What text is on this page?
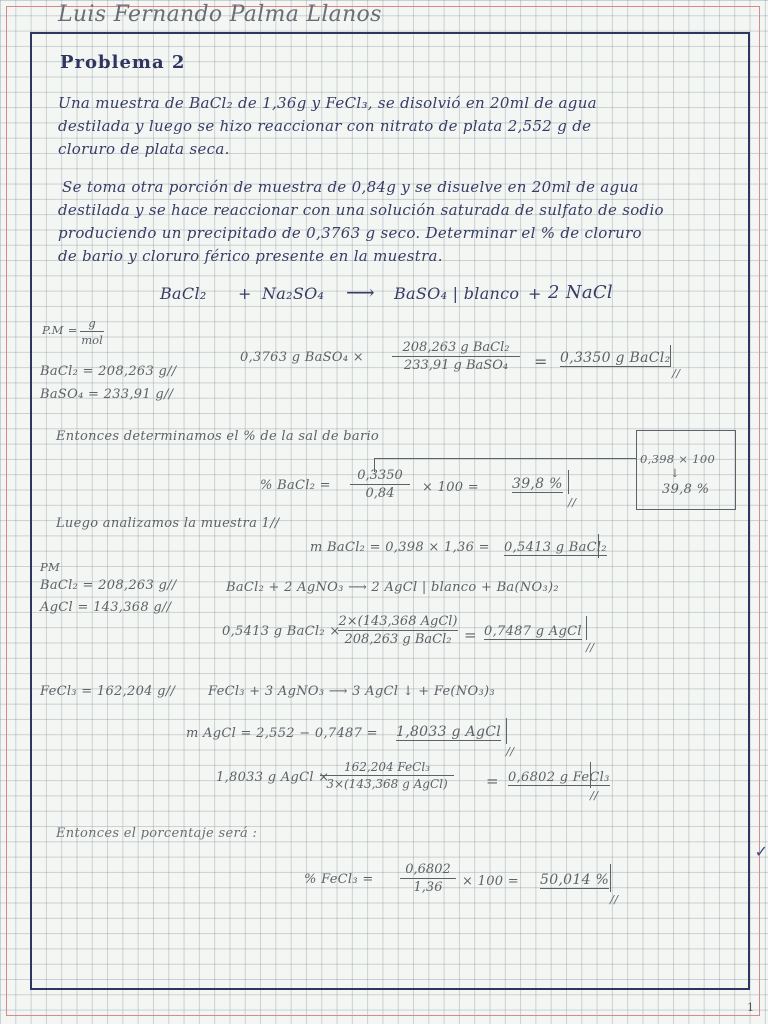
Luis Fernando Palma Llanos
Problema 2
Una muestra de BaCl₂ de 1,36g y FeCl₃, se disolvió en 20ml de agua
destilada y luego se hizo reaccionar con nitrato de plata 2,552 g de
cloruro de plata seca.
Se toma otra porción de muestra de 0,84g y se disuelve en 20ml de agua
destilada y se hace reaccionar con una solución saturada de sulfato de sodio
produciendo un precipitado de 0,3763 g seco. Determinar el % de cloruro
de bario y cloruro férico presente en la muestra.
BaCl₂ + Na₂SO₄ ⟶ BaSO₄ | blanco + 2 NaCl
P.M = g
mol
BaCl₂ = 208,263 g//
BaSO₄ = 233,91 g//
0,3763 g BaSO₄ ×
208,263 g BaCl₂
233,91 g BaSO₄	= 0,3350 g BaCl₂
//
Entonces determinamos el % de la sal de bario
0,398 × 100
↓
39,8 %
% BaCl₂ =
0,3350
0,84	× 100 = 39,8 %
//
Luego analizamos la muestra 1//
m BaCl₂ = 0,398 × 1,36 = 0,5413 g BaCl₂
PM
BaCl₂ = 208,263 g//
AgCl = 143,368 g//
BaCl₂ + 2 AgNO₃ ⟶ 2 AgCl | blanco + Ba(NO₃)₂
0,5413 g BaCl₂ ×
2×(143,368 AgCl)
208,263 g BaCl₂ = 0,7487 g AgCl
//
FeCl₃ = 162,204 g//	FeCl₃ + 3 AgNO₃ ⟶ 3 AgCl ↓ + Fe(NO₃)₃
m AgCl = 2,552 − 0,7487 = 1,8033 g AgCl
//
1,8033 g AgCl ×
162,204 FeCl₃
3×(143,368 g AgCl)	= 0,6802 g FeCl₃
//
Entonces el porcentaje será :
% FeCl₃ =
0,6802
1,36	× 100 = 50,014 %
//
1
✓
